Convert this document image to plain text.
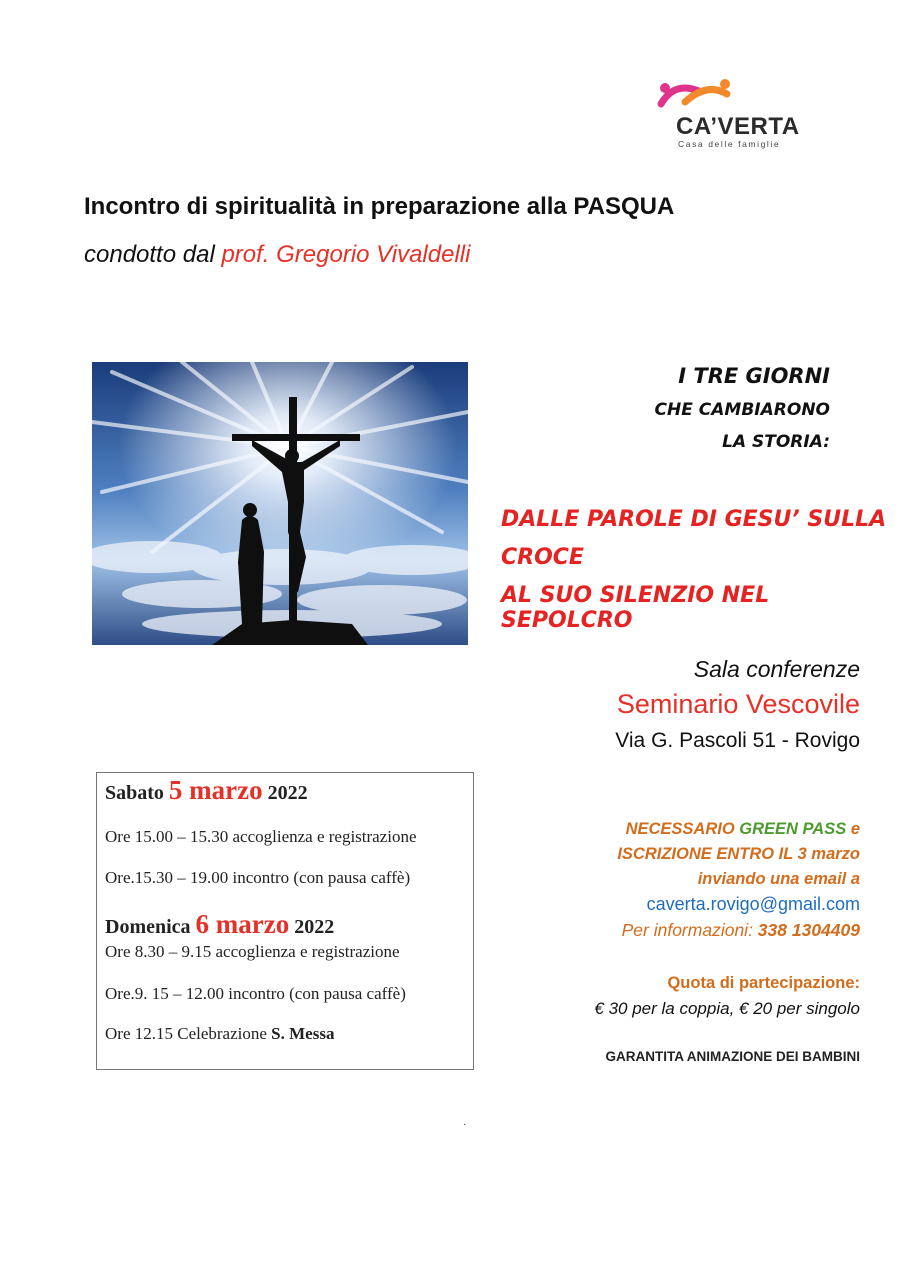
CA’VERTA
Casa delle famiglie
Incontro di spiritualità in preparazione alla PASQUA
condotto dal prof. Gregorio Vivaldelli
I TRE GIORNI
CHE CAMBIARONO
LA STORIA:
DALLE PAROLE DI GESU’ SULLA
CROCE
AL SUO SILENZIO NEL SEPOLCRO
Sala conferenze
Seminario Vescovile
Via G. Pascoli 51 - Rovigo
Sabato 5 marzo 2022
Ore 15.00 – 15.30 accoglienza e registrazione
Ore.15.30 – 19.00 incontro (con pausa caffè)
Domenica 6 marzo 2022
Ore 8.30 – 9.15 accoglienza e registrazione
Ore.9. 15 – 12.00 incontro (con pausa caffè)
Ore 12.15 Celebrazione S. Messa
NECESSARIO GREEN PASS e
ISCRIZIONE ENTRO IL 3 marzo
inviando una email a
caverta.rovigo@gmail.com
Per informazioni: 338 1304409
Quota di partecipazione:
€ 30 per la coppia, € 20 per singolo
GARANTITA ANIMAZIONE DEI BAMBINI
.
